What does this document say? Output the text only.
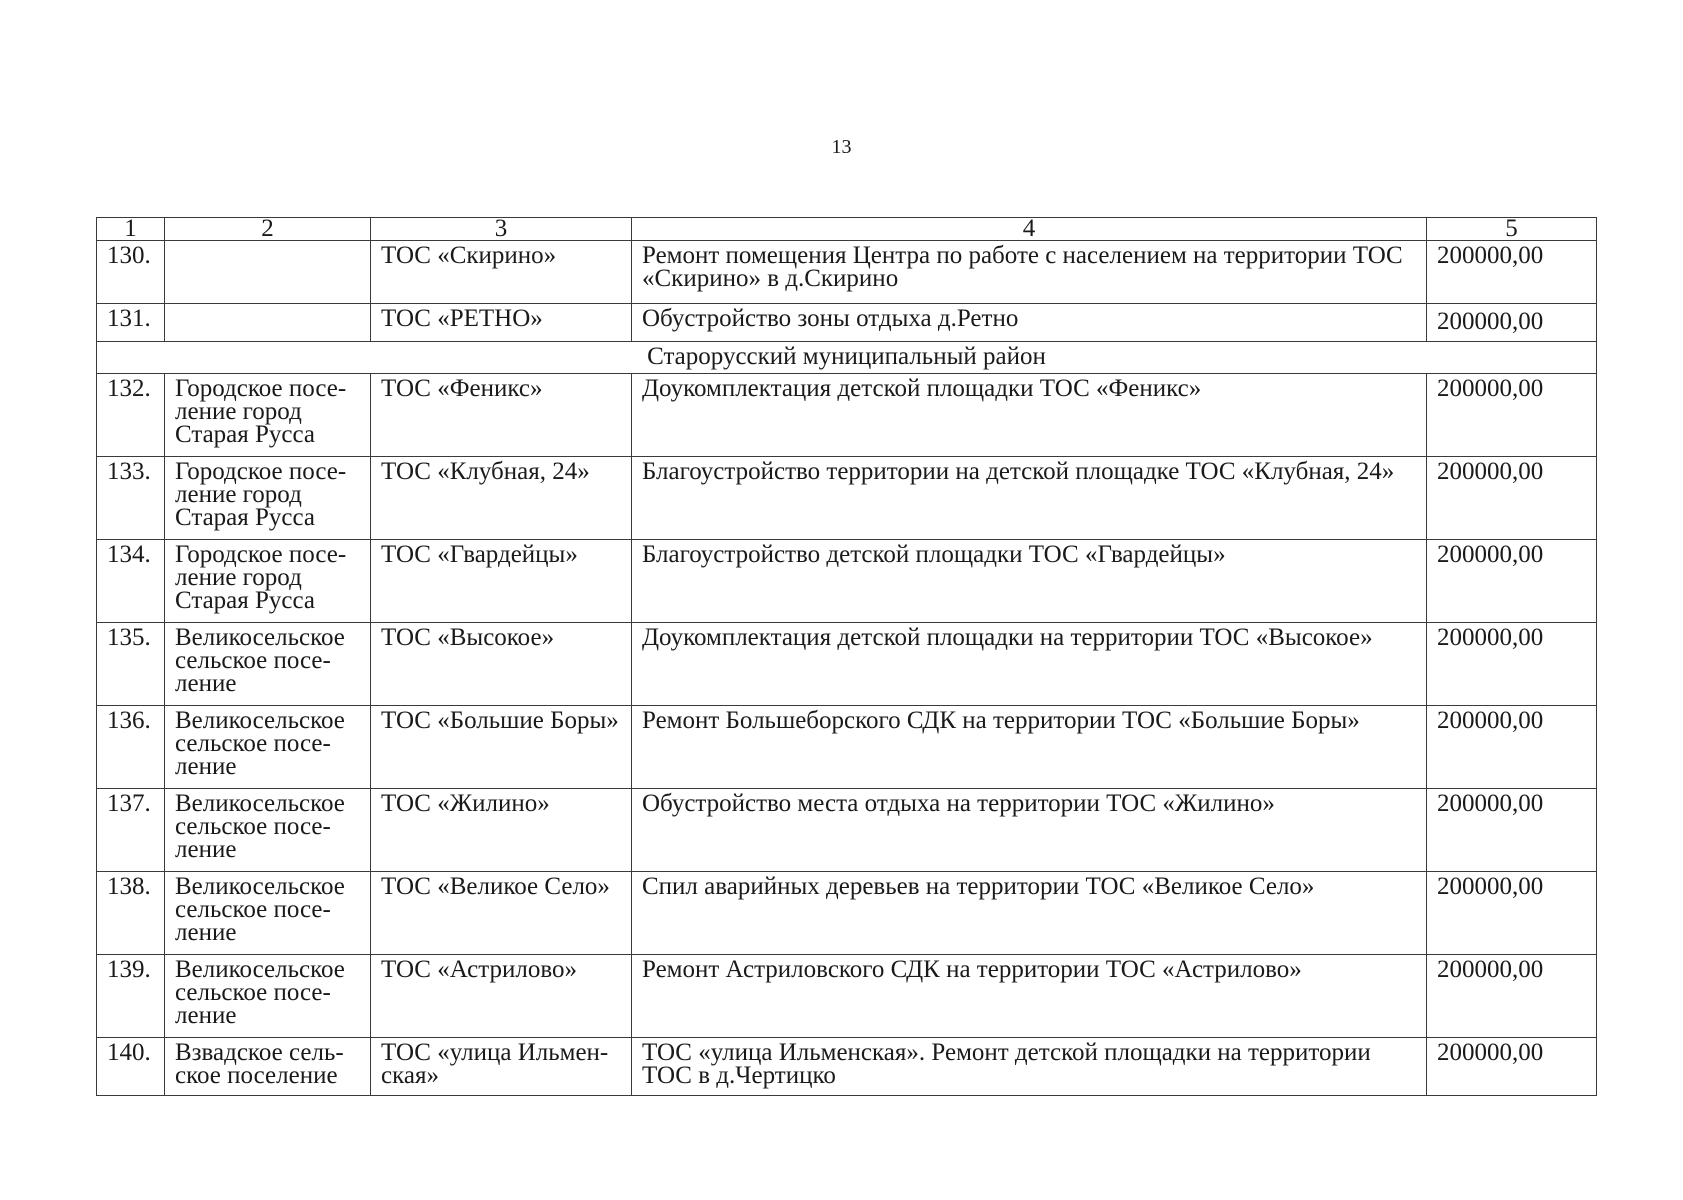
13
1	2	3	4	5
130.		ТОС «Скирино»	Ремонт помещения Центра по работе с населением на территории ТОС «Скирино» в д.Скирино	200000,00
131.		ТОС «РЕТНО»	Обустройство зоны отдыха д.Ретно	200000,00
Старорусский муниципальный район				
132.	Городское посе-ление город Старая Русса	ТОС «Феникс»	Доукомплектация детской площадки ТОС «Феникс»	200000,00
133.	Городское посе-ление город Старая Русса	ТОС «Клубная, 24»	Благоустройство территории на детской площадке ТОС «Клубная, 24»	200000,00
134.	Городское посе-ление город Старая Русса	ТОС «Гвардейцы»	Благоустройство детской площадки ТОС «Гвардейцы»	200000,00
135.	Великосельское сельское посе-ление	ТОС «Высокое»	Доукомплектация детской площадки на территории ТОС «Высокое»	200000,00
136.	Великосельское сельское посе-ление	ТОС «Большие Боры»	Ремонт Большеборского СДК на территории ТОС «Большие Боры»	200000,00
137.	Великосельское сельское посе-ление	ТОС «Жилино»	Обустройство места отдыха на территории ТОС «Жилино»	200000,00
138.	Великосельское сельское посе-ление	ТОС «Великое Село»	Спил аварийных деревьев на территории ТОС «Великое Село»	200000,00
139.	Великосельское сельское посе-ление	ТОС «Астрилово»	Ремонт Астриловского СДК на территории ТОС «Астрилово»	200000,00
140.	Взвадское сель-ское поселение	ТОС «улица Ильмен-ская»	ТОС «улица Ильменская». Ремонт детской площадки на территории ТОС в д.Чертицко	200000,00
